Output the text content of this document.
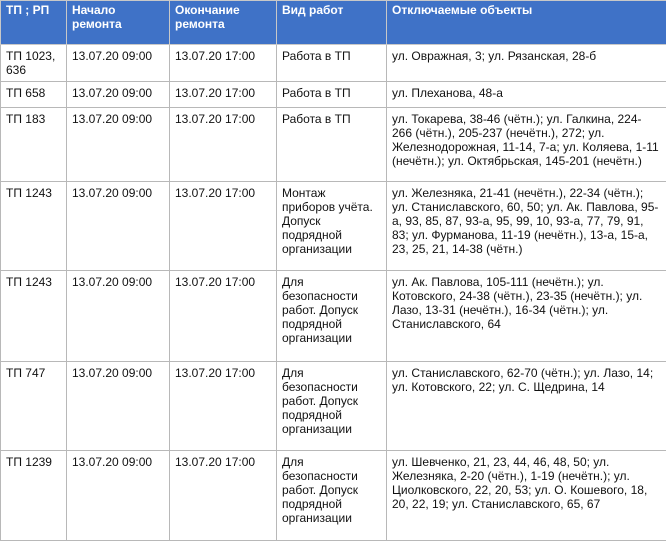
ТП ; РП	Начало ремонта	Окончание ремонта	Вид работ	Отключаемые объекты
ТП 1023, 636	13.07.20 09:00	13.07.20 17:00	Работа в ТП	ул. Овражная, 3; ул. Рязанская, 28-б
ТП 658	13.07.20 09:00	13.07.20 17:00	Работа в ТП	ул. Плеханова, 48-а
ТП 183	13.07.20 09:00	13.07.20 17:00	Работа в ТП	ул. Токарева, 38-46 (чётн.); ул. Галкина, 224-266 (чётн.), 205-237 (нечётн.), 272; ул. Железнодорожная, 11-14, 7-а; ул. Коляева, 1-11 (нечётн.); ул. Октябрьская, 145-201 (нечётн.)
ТП 1243	13.07.20 09:00	13.07.20 17:00	Монтаж приборов учёта. Допуск подрядной организации	ул. Железняка, 21-41 (нечётн.), 22-34 (чётн.); ул. Станиславского, 60, 50; ул. Ак. Павлова, 95-а, 93, 85, 87, 93-а, 95, 99, 10, 93-а, 77, 79, 91, 83; ул. Фурманова, 11-19 (нечётн.), 13-а, 15-а, 23, 25, 21, 14-38 (чётн.)
ТП 1243	13.07.20 09:00	13.07.20 17:00	Для безопасности работ. Допуск подрядной организации	ул. Ак. Павлова, 105-111 (нечётн.); ул. Котовского, 24-38 (чётн.), 23-35 (нечётн.); ул. Лазо, 13-31 (нечётн.), 16-34 (чётн.); ул. Станиславского, 64
ТП 747	13.07.20 09:00	13.07.20 17:00	Для безопасности работ. Допуск подрядной организации	ул. Станиславского, 62-70 (чётн.); ул. Лазо, 14; ул. Котовского, 22; ул. С. Щедрина, 14
ТП 1239	13.07.20 09:00	13.07.20 17:00	Для безопасности работ. Допуск подрядной организации	ул. Шевченко, 21, 23, 44, 46, 48, 50; ул. Железняка, 2-20 (чётн.), 1-19 (нечётн.); ул. Циолковского, 22, 20, 53; ул. О. Кошевого, 18, 20, 22, 19; ул. Станиславского, 65, 67
